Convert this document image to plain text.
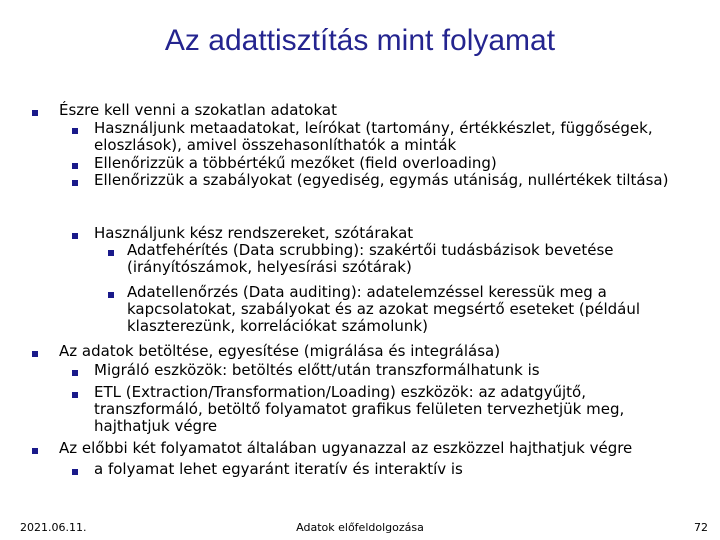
Az adattisztítás mint folyamat
Észre kell venni a szokatlan adatokat
Használjunk metaadatokat, leírókat (tartomány, értékkészlet, függőségek, eloszlások), amivel összehasonlíthatók a minták
Ellenőrizzük a többértékű mezőket (field overloading)
Ellenőrizzük a szabályokat (egyediség, egymás utániság, nullértékek tiltása)
Használjunk kész rendszereket, szótárakat
Adatfehérítés (Data scrubbing): szakértői tudásbázisok bevetése (irányítószámok, helyesírási szótárak)
Adatellenőrzés (Data auditing): adatelemzéssel keressük meg a kapcsolatokat, szabályokat és az azokat megsértő eseteket (például klaszterezünk, korrelációkat számolunk)
Az adatok betöltése, egyesítése (migrálása és integrálása)
Migráló eszközök: betöltés előtt/után transzformálhatunk is
ETL (Extraction/Transformation/Loading) eszközök: az adatgyűjtő, transzformáló, betöltő folyamatot grafikus felületen tervezhetjük meg, hajthatjuk végre
Az előbbi két folyamatot általában ugyanazzal az eszközzel hajthatjuk végre
a folyamat lehet egyaránt iteratív és interaktív is
2021.06.11.	Adatok előfeldolgozása	72
